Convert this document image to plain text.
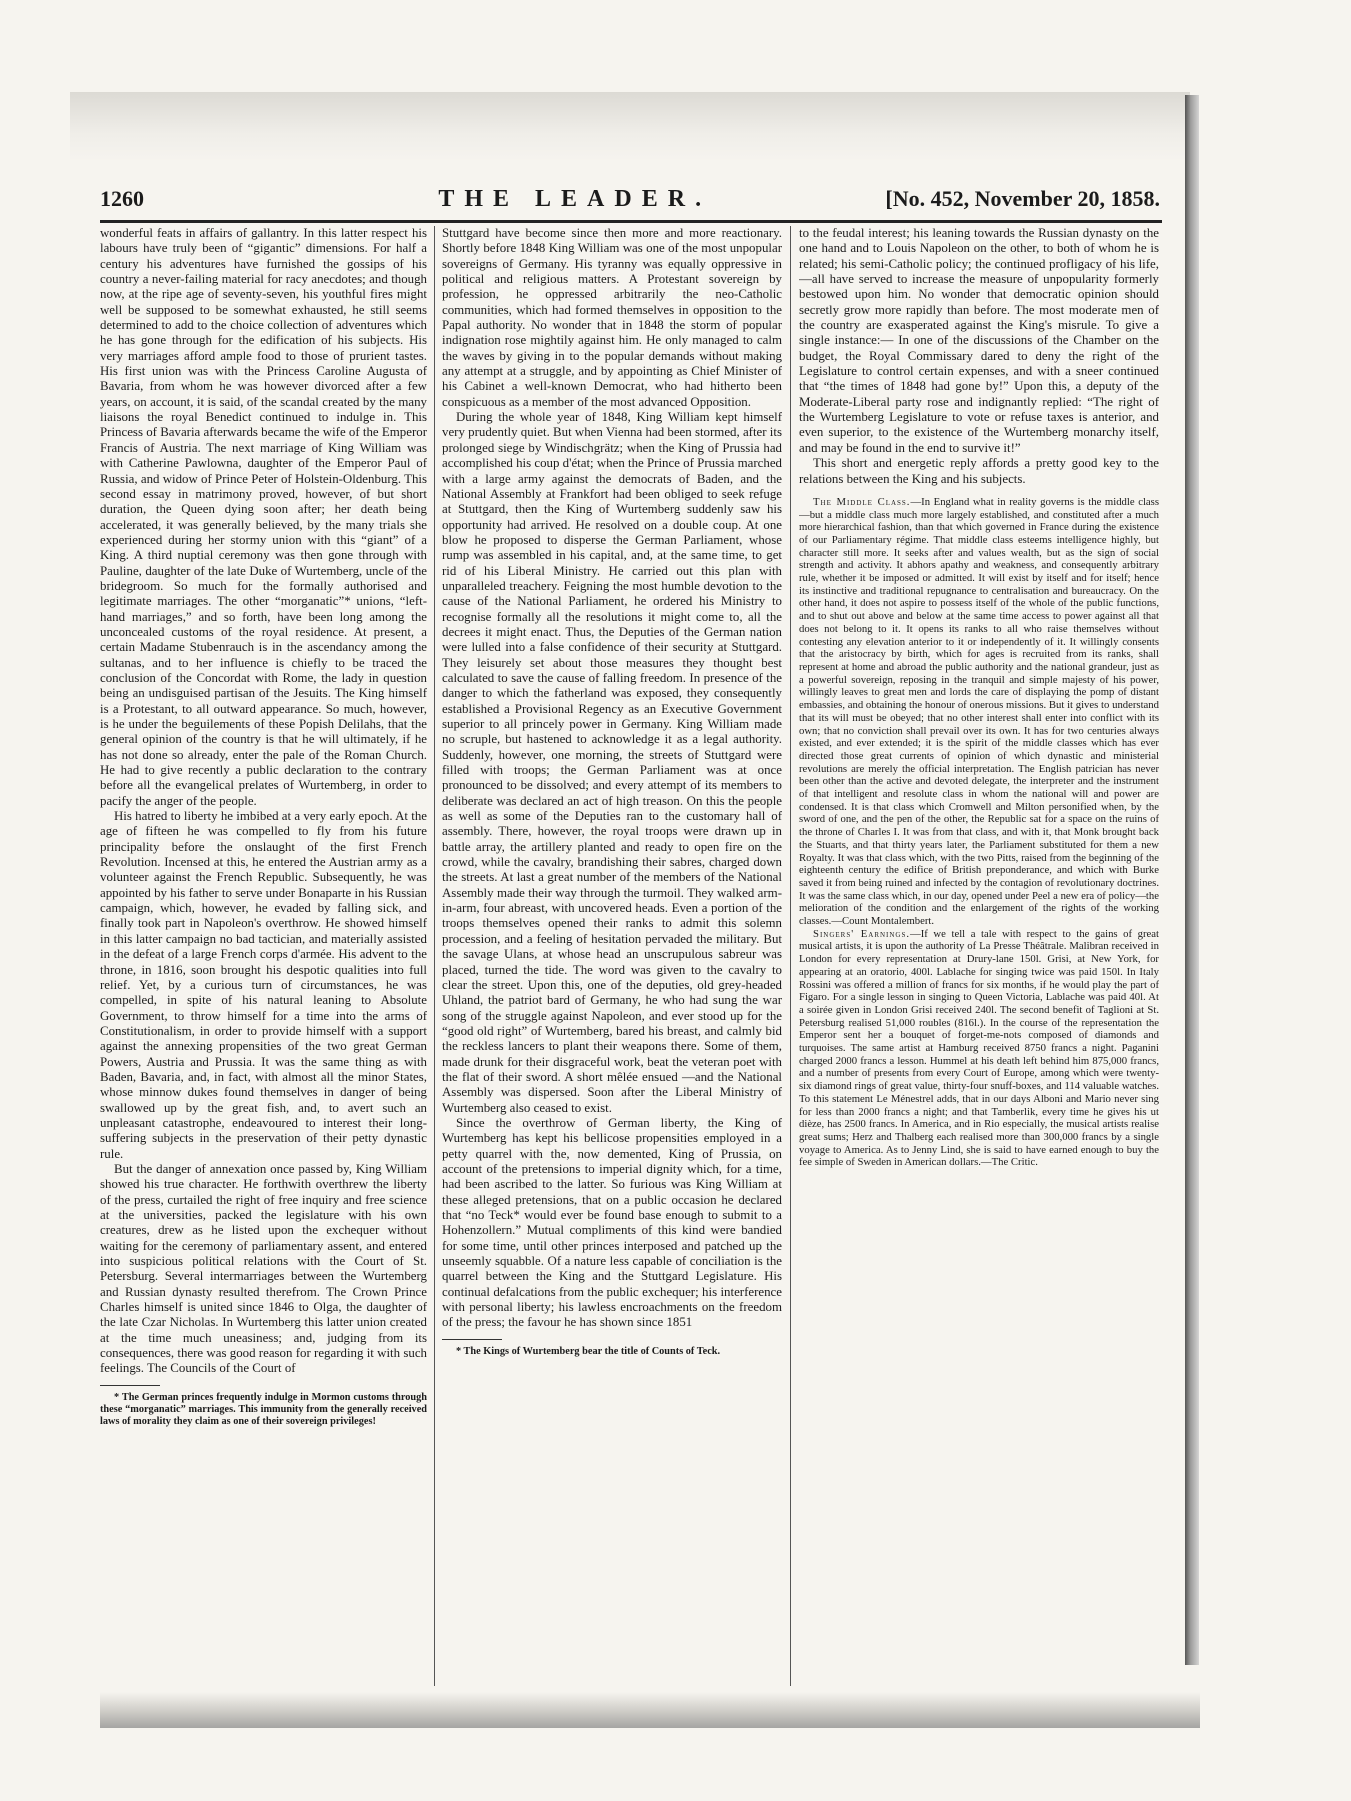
1260	THE LEADER.	[No. 452, November 20, 1858.

wonderful feats in affairs of gallantry. In this latter respect his labours have truly been of “gigantic” dimensions. For half a century his adventures have furnished the gossips of his country a never-failing material for racy anecdotes; and though now, at the ripe age of seventy-seven, his youthful fires might well be supposed to be somewhat exhausted, he still seems determined to add to the choice collection of adventures which he has gone through for the edification of his subjects. His very marriages afford ample food to those of prurient tastes. His first union was with the Princess Caroline Augusta of Bavaria, from whom he was however divorced after a few years, on account, it is said, of the scandal created by the many liaisons the royal Benedict continued to indulge in. This Princess of Bavaria afterwards became the wife of the Emperor Francis of Austria. The next marriage of King William was with Catherine Pawlowna, daughter of the Emperor Paul of Russia, and widow of Prince Peter of Holstein-Oldenburg. This second essay in matrimony proved, however, of but short duration, the Queen dying soon after; her death being accelerated, it was generally believed, by the many trials she experienced during her stormy union with this “giant” of a King. A third nuptial ceremony was then gone through with Pauline, daughter of the late Duke of Wurtemberg, uncle of the bridegroom. So much for the formally authorised and legitimate marriages. The other “morganatic”* unions, “left-hand marriages,” and so forth, have been long among the unconcealed customs of the royal residence. At present, a certain Madame Stubenrauch is in the ascendancy among the sultanas, and to her influence is chiefly to be traced the conclusion of the Concordat with Rome, the lady in question being an undisguised partisan of the Jesuits. The King himself is a Protestant, to all outward appearance. So much, however, is he under the beguilements of these Popish Delilahs, that the general opinion of the country is that he will ultimately, if he has not done so already, enter the pale of the Roman Church. He had to give recently a public declaration to the contrary before all the evangelical prelates of Wurtemberg, in order to pacify the anger of the people.

His hatred to liberty he imbibed at a very early epoch. At the age of fifteen he was compelled to fly from his future principality before the onslaught of the first French Revolution. Incensed at this, he entered the Austrian army as a volunteer against the French Republic. Subsequently, he was appointed by his father to serve under Bonaparte in his Russian campaign, which, however, he evaded by falling sick, and finally took part in Napoleon's overthrow. He showed himself in this latter campaign no bad tactician, and materially assisted in the defeat of a large French corps d'armée. His advent to the throne, in 1816, soon brought his despotic qualities into full relief. Yet, by a curious turn of circumstances, he was compelled, in spite of his natural leaning to Absolute Government, to throw himself for a time into the arms of Constitutionalism, in order to provide himself with a support against the annexing propensities of the two great German Powers, Austria and Prussia. It was the same thing as with Baden, Bavaria, and, in fact, with almost all the minor States, whose minnow dukes found themselves in danger of being swallowed up by the great fish, and, to avert such an unpleasant catastrophe, endeavoured to interest their long-suffering subjects in the preservation of their petty dynastic rule.

But the danger of annexation once passed by, King William showed his true character. He forthwith overthrew the liberty of the press, curtailed the right of free inquiry and free science at the universities, packed the legislature with his own creatures, drew as he listed upon the exchequer without waiting for the ceremony of parliamentary assent, and entered into suspicious political relations with the Court of St. Petersburg. Several intermarriages between the Wurtemberg and Russian dynasty resulted therefrom. The Crown Prince Charles himself is united since 1846 to Olga, the daughter of the late Czar Nicholas. In Wurtemberg this latter union created at the time much uneasiness; and, judging from its consequences, there was good reason for regarding it with such feelings. The Councils of the Court of

* The German princes frequently indulge in Mormon customs through these “morganatic” marriages. This immunity from the generally received laws of morality they claim as one of their sovereign privileges!

Stuttgard have become since then more and more reactionary. Shortly before 1848 King William was one of the most unpopular sovereigns of Germany. His tyranny was equally oppressive in political and religious matters. A Protestant sovereign by profession, he oppressed arbitrarily the neo-Catholic communities, which had formed themselves in opposition to the Papal authority. No wonder that in 1848 the storm of popular indignation rose mightily against him. He only managed to calm the waves by giving in to the popular demands without making any attempt at a struggle, and by appointing as Chief Minister of his Cabinet a well-known Democrat, who had hitherto been conspicuous as a member of the most advanced Opposition.

During the whole year of 1848, King William kept himself very prudently quiet. But when Vienna had been stormed, after its prolonged siege by Windischgrätz; when the King of Prussia had accomplished his coup d'état; when the Prince of Prussia marched with a large army against the democrats of Baden, and the National Assembly at Frankfort had been obliged to seek refuge at Stuttgard, then the King of Wurtemberg suddenly saw his opportunity had arrived. He resolved on a double coup. At one blow he proposed to disperse the German Parliament, whose rump was assembled in his capital, and, at the same time, to get rid of his Liberal Ministry. He carried out this plan with unparalleled treachery. Feigning the most humble devotion to the cause of the National Parliament, he ordered his Ministry to recognise formally all the resolutions it might come to, all the decrees it might enact. Thus, the Deputies of the German nation were lulled into a false confidence of their security at Stuttgard. They leisurely set about those measures they thought best calculated to save the cause of falling freedom. In presence of the danger to which the fatherland was exposed, they consequently established a Provisional Regency as an Executive Government superior to all princely power in Germany. King William made no scruple, but hastened to acknowledge it as a legal authority. Suddenly, however, one morning, the streets of Stuttgard were filled with troops; the German Parliament was at once pronounced to be dissolved; and every attempt of its members to deliberate was declared an act of high treason. On this the people as well as some of the Deputies ran to the customary hall of assembly. There, however, the royal troops were drawn up in battle array, the artillery planted and ready to open fire on the crowd, while the cavalry, brandishing their sabres, charged down the streets. At last a great number of the members of the National Assembly made their way through the turmoil. They walked arm-in-arm, four abreast, with uncovered heads. Even a portion of the troops themselves opened their ranks to admit this solemn procession, and a feeling of hesitation pervaded the military. But the savage Ulans, at whose head an unscrupulous sabreur was placed, turned the tide. The word was given to the cavalry to clear the street. Upon this, one of the deputies, old grey-headed Uhland, the patriot bard of Germany, he who had sung the war song of the struggle against Napoleon, and ever stood up for the “good old right” of Wurtemberg, bared his breast, and calmly bid the reckless lancers to plant their weapons there. Some of them, made drunk for their disgraceful work, beat the veteran poet with the flat of their sword. A short mêlée ensued —and the National Assembly was dispersed. Soon after the Liberal Ministry of Wurtemberg also ceased to exist.

Since the overthrow of German liberty, the King of Wurtemberg has kept his bellicose propensities employed in a petty quarrel with the, now demented, King of Prussia, on account of the pretensions to imperial dignity which, for a time, had been ascribed to the latter. So furious was King William at these alleged pretensions, that on a public occasion he declared that “no Teck* would ever be found base enough to submit to a Hohenzollern.” Mutual compliments of this kind were bandied for some time, until other princes interposed and patched up the unseemly squabble. Of a nature less capable of conciliation is the quarrel between the King and the Stuttgard Legislature. His continual defalcations from the public exchequer; his interference with personal liberty; his lawless encroachments on the freedom of the press; the favour he has shown since 1851

* The Kings of Wurtemberg bear the title of Counts of Teck.

to the feudal interest; his leaning towards the Russian dynasty on the one hand and to Louis Napoleon on the other, to both of whom he is related; his semi-Catholic policy; the continued profligacy of his life,—all have served to increase the measure of unpopularity formerly bestowed upon him. No wonder that democratic opinion should secretly grow more rapidly than before. The most moderate men of the country are exasperated against the King's misrule. To give a single instance:— In one of the discussions of the Chamber on the budget, the Royal Commissary dared to deny the right of the Legislature to control certain expenses, and with a sneer continued that “the times of 1848 had gone by!” Upon this, a deputy of the Moderate-Liberal party rose and indignantly replied: “The right of the Wurtemberg Legislature to vote or refuse taxes is anterior, and even superior, to the existence of the Wurtemberg monarchy itself, and may be found in the end to survive it!”

This short and energetic reply affords a pretty good key to the relations between the King and his subjects.

The Middle Class.—In England what in reality governs is the middle class—but a middle class much more largely established, and constituted after a much more hierarchical fashion, than that which governed in France during the existence of our Parliamentary régime. That middle class esteems intelligence highly, but character still more. It seeks after and values wealth, but as the sign of social strength and activity. It abhors apathy and weakness, and consequently arbitrary rule, whether it be imposed or admitted. It will exist by itself and for itself; hence its instinctive and traditional repugnance to centralisation and bureaucracy. On the other hand, it does not aspire to possess itself of the whole of the public functions, and to shut out above and below at the same time access to power against all that does not belong to it. It opens its ranks to all who raise themselves without contesting any elevation anterior to it or independently of it. It willingly consents that the aristocracy by birth, which for ages is recruited from its ranks, shall represent at home and abroad the public authority and the national grandeur, just as a powerful sovereign, reposing in the tranquil and simple majesty of his power, willingly leaves to great men and lords the care of displaying the pomp of distant embassies, and obtaining the honour of onerous missions. But it gives to understand that its will must be obeyed; that no other interest shall enter into conflict with its own; that no conviction shall prevail over its own. It has for two centuries always existed, and ever extended; it is the spirit of the middle classes which has ever directed those great currents of opinion of which dynastic and ministerial revolutions are merely the official interpretation. The English patrician has never been other than the active and devoted delegate, the interpreter and the instrument of that intelligent and resolute class in whom the national will and power are condensed. It is that class which Cromwell and Milton personified when, by the sword of one, and the pen of the other, the Republic sat for a space on the ruins of the throne of Charles I. It was from that class, and with it, that Monk brought back the Stuarts, and that thirty years later, the Parliament substituted for them a new Royalty. It was that class which, with the two Pitts, raised from the beginning of the eighteenth century the edifice of British preponderance, and which with Burke saved it from being ruined and infected by the contagion of revolutionary doctrines. It was the same class which, in our day, opened under Peel a new era of policy—the melioration of the condition and the enlargement of the rights of the working classes.—Count Montalembert.

Singers' Earnings.—If we tell a tale with respect to the gains of great musical artists, it is upon the authority of La Presse Théâtrale. Malibran received in London for every representation at Drury-lane 150l. Grisi, at New York, for appearing at an oratorio, 400l. Lablache for singing twice was paid 150l. In Italy Rossini was offered a million of francs for six months, if he would play the part of Figaro. For a single lesson in singing to Queen Victoria, Lablache was paid 40l. At a soirée given in London Grisi received 240l. The second benefit of Taglioni at St. Petersburg realised 51,000 roubles (816l.). In the course of the representation the Emperor sent her a bouquet of forget-me-nots composed of diamonds and turquoises. The same artist at Hamburg received 8750 francs a night. Paganini charged 2000 francs a lesson. Hummel at his death left behind him 875,000 francs, and a number of presents from every Court of Europe, among which were twenty-six diamond rings of great value, thirty-four snuff-boxes, and 114 valuable watches. To this statement Le Ménestrel adds, that in our days Alboni and Mario never sing for less than 2000 francs a night; and that Tamberlik, every time he gives his ut dièze, has 2500 francs. In America, and in Rio especially, the musical artists realise great sums; Herz and Thalberg each realised more than 300,000 francs by a single voyage to America. As to Jenny Lind, she is said to have earned enough to buy the fee simple of Sweden in American dollars.—The Critic.
